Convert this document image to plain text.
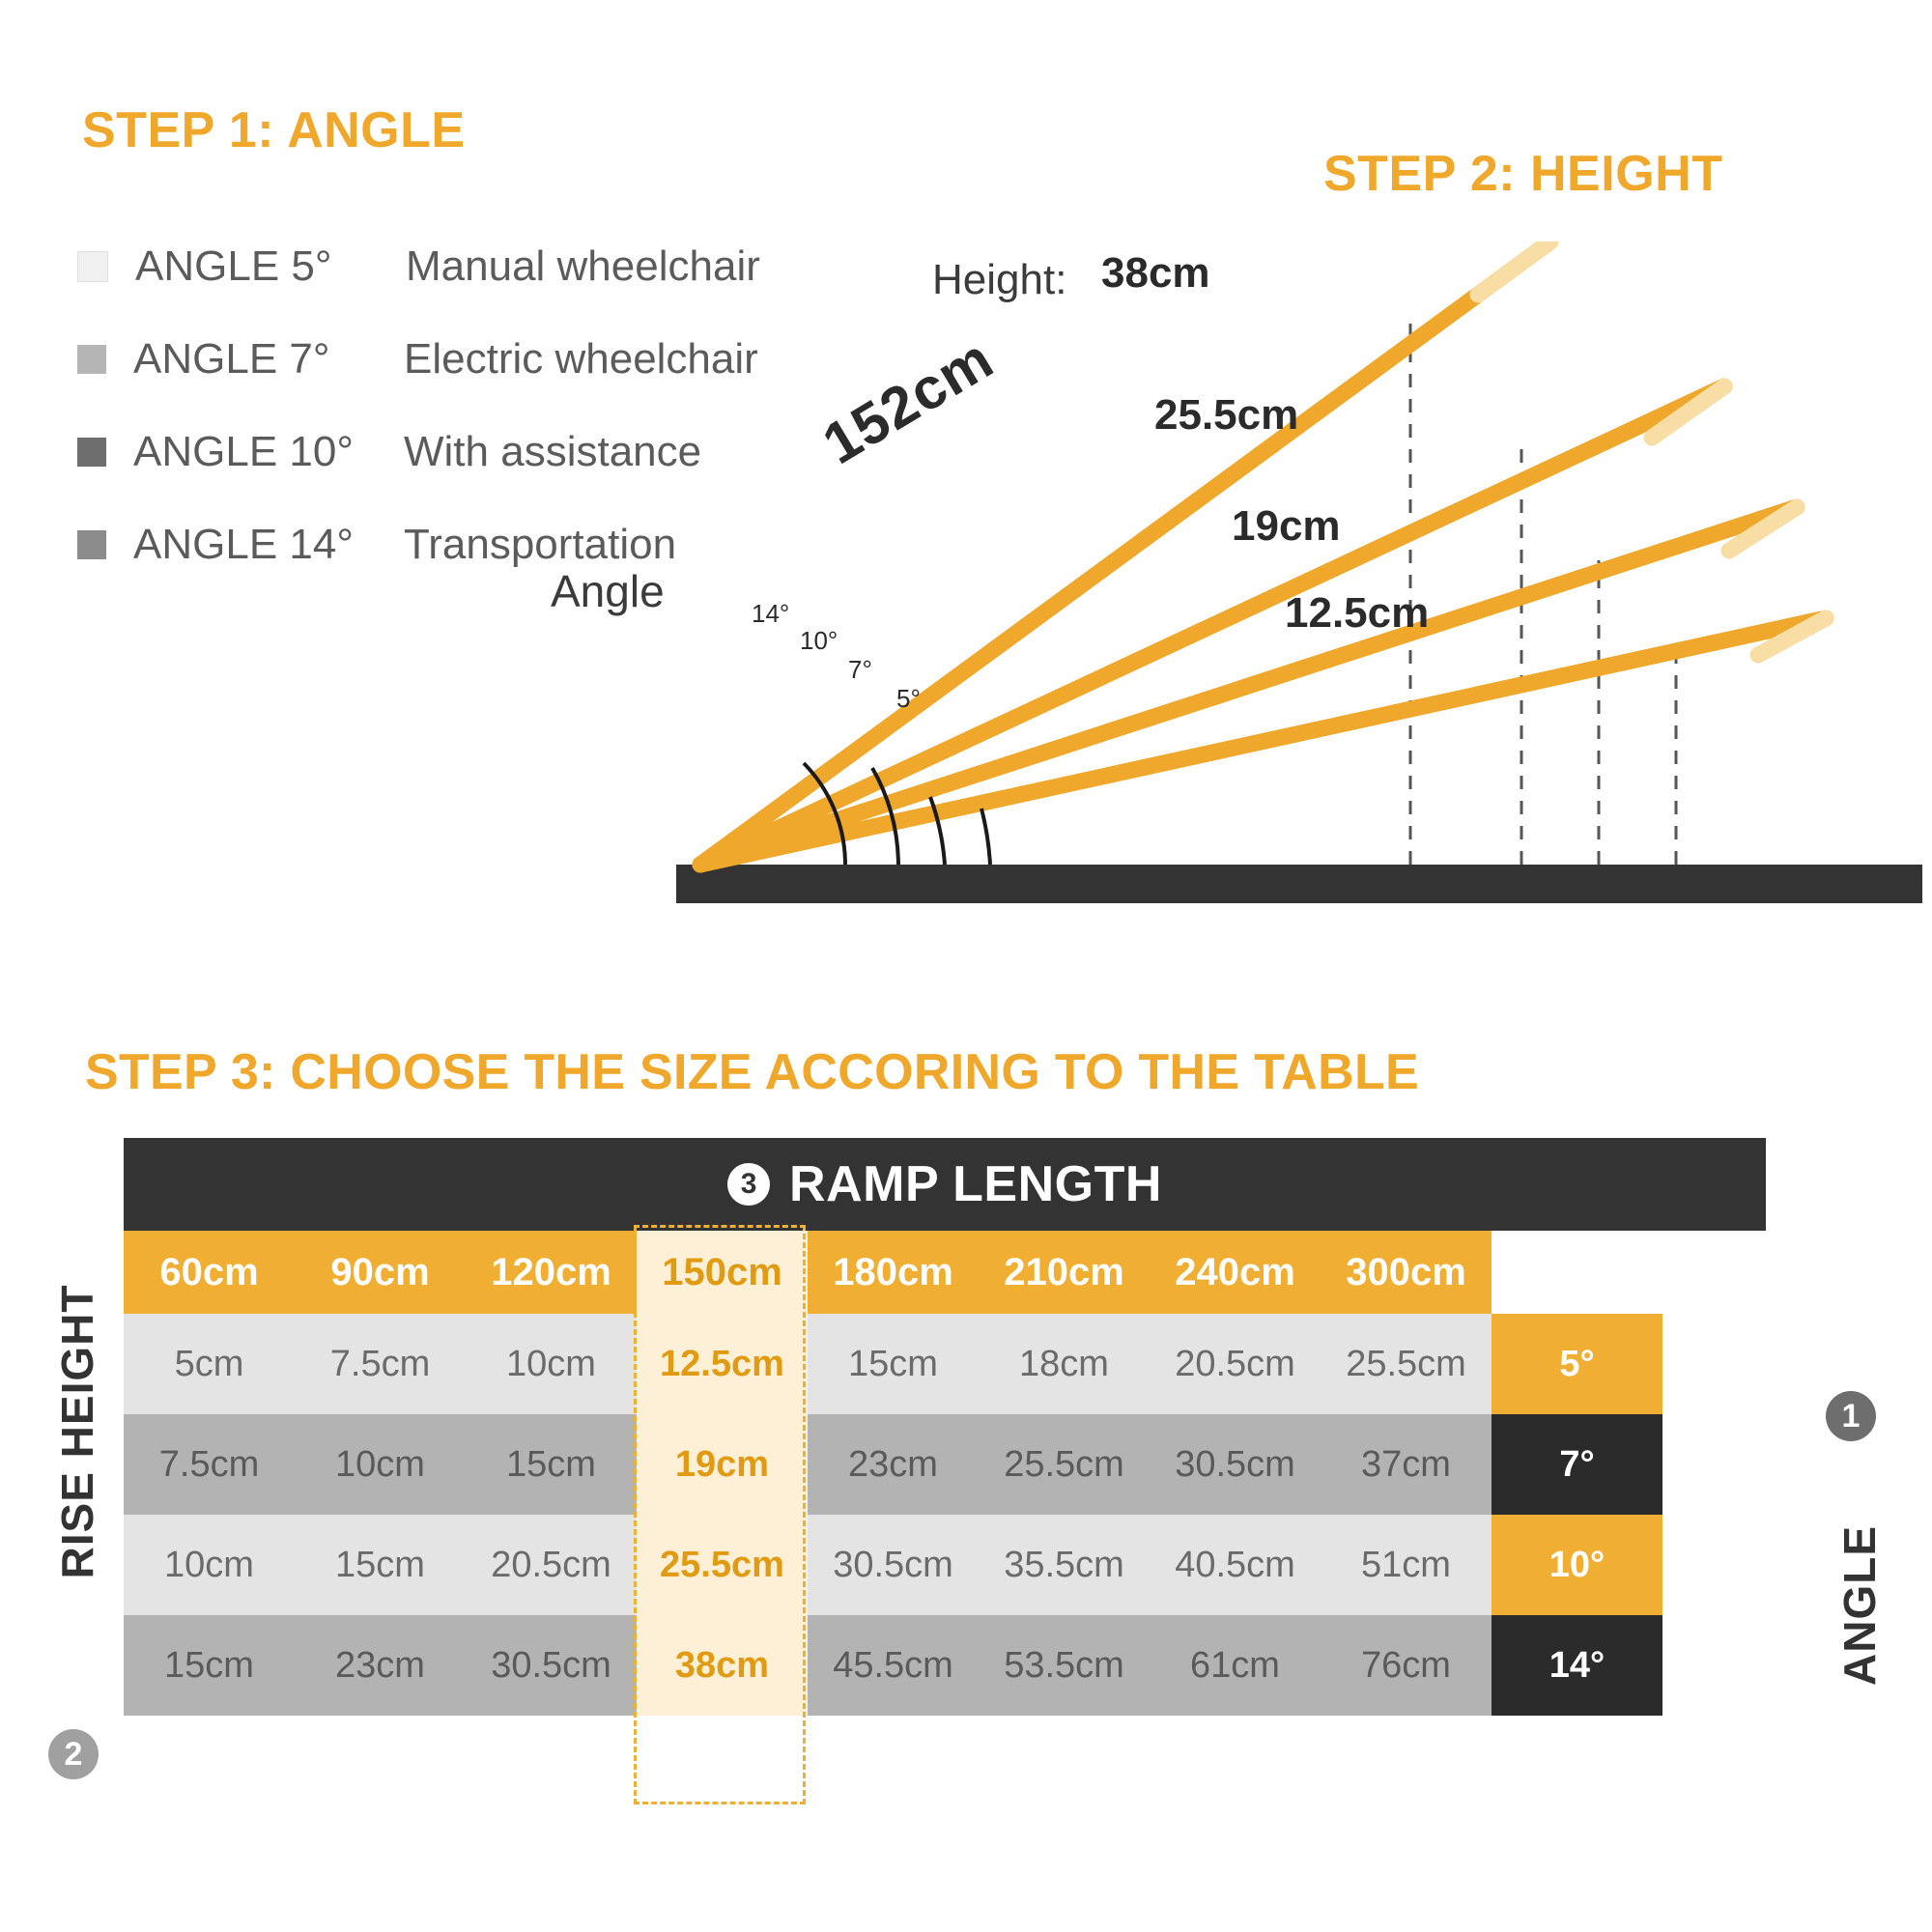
STEP 1: ANGLE
ANGLE 5°	Manual wheelchair
ANGLE 7°	Electric wheelchair
ANGLE 10°	With assistance
ANGLE 14°	Transportation
STEP 2: HEIGHT
152cm
Angle
Height: 38cm
25.5cm
19cm
12.5cm
14°
10°
7°
5°
STEP 3: CHOOSE THE SIZE ACCORING TO THE TABLE
3 RAMP LENGTH
60cm	90cm	120cm	150cm	180cm	210cm	240cm	300cm
5cm	7.5cm	10cm	12.5cm	15cm	18cm	20.5cm	25.5cm	5°
7.5cm	10cm	15cm	19cm	23cm	25.5cm	30.5cm	37cm	7°
10cm	15cm	20.5cm	25.5cm	30.5cm	35.5cm	40.5cm	51cm	10°
15cm	23cm	30.5cm	38cm	45.5cm	53.5cm	61cm	76cm	14°
RISE HEIGHT
2
1
ANGLE
